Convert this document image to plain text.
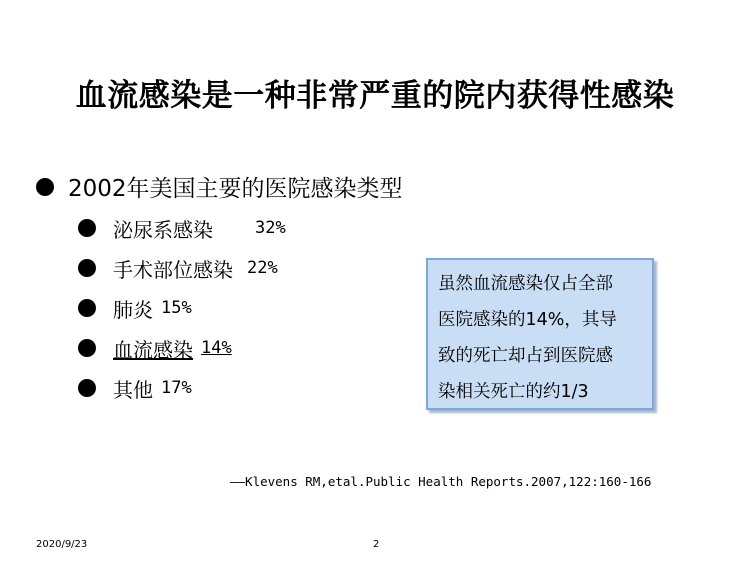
血流感染是一种非常严重的院内获得性感染
2002年美国主要的医院感染类型
泌尿系感染 32%
手术部位感染 22%
肺炎 15%
血流感染 14%
其他 17%
虽然血流感染仅占全部
医院感染的14%，其导
致的死亡却占到医院感
染相关死亡的约1/3
——Klevens RM,etal.Public Health Reports.2007,122:160-166
2020/9/23	2
